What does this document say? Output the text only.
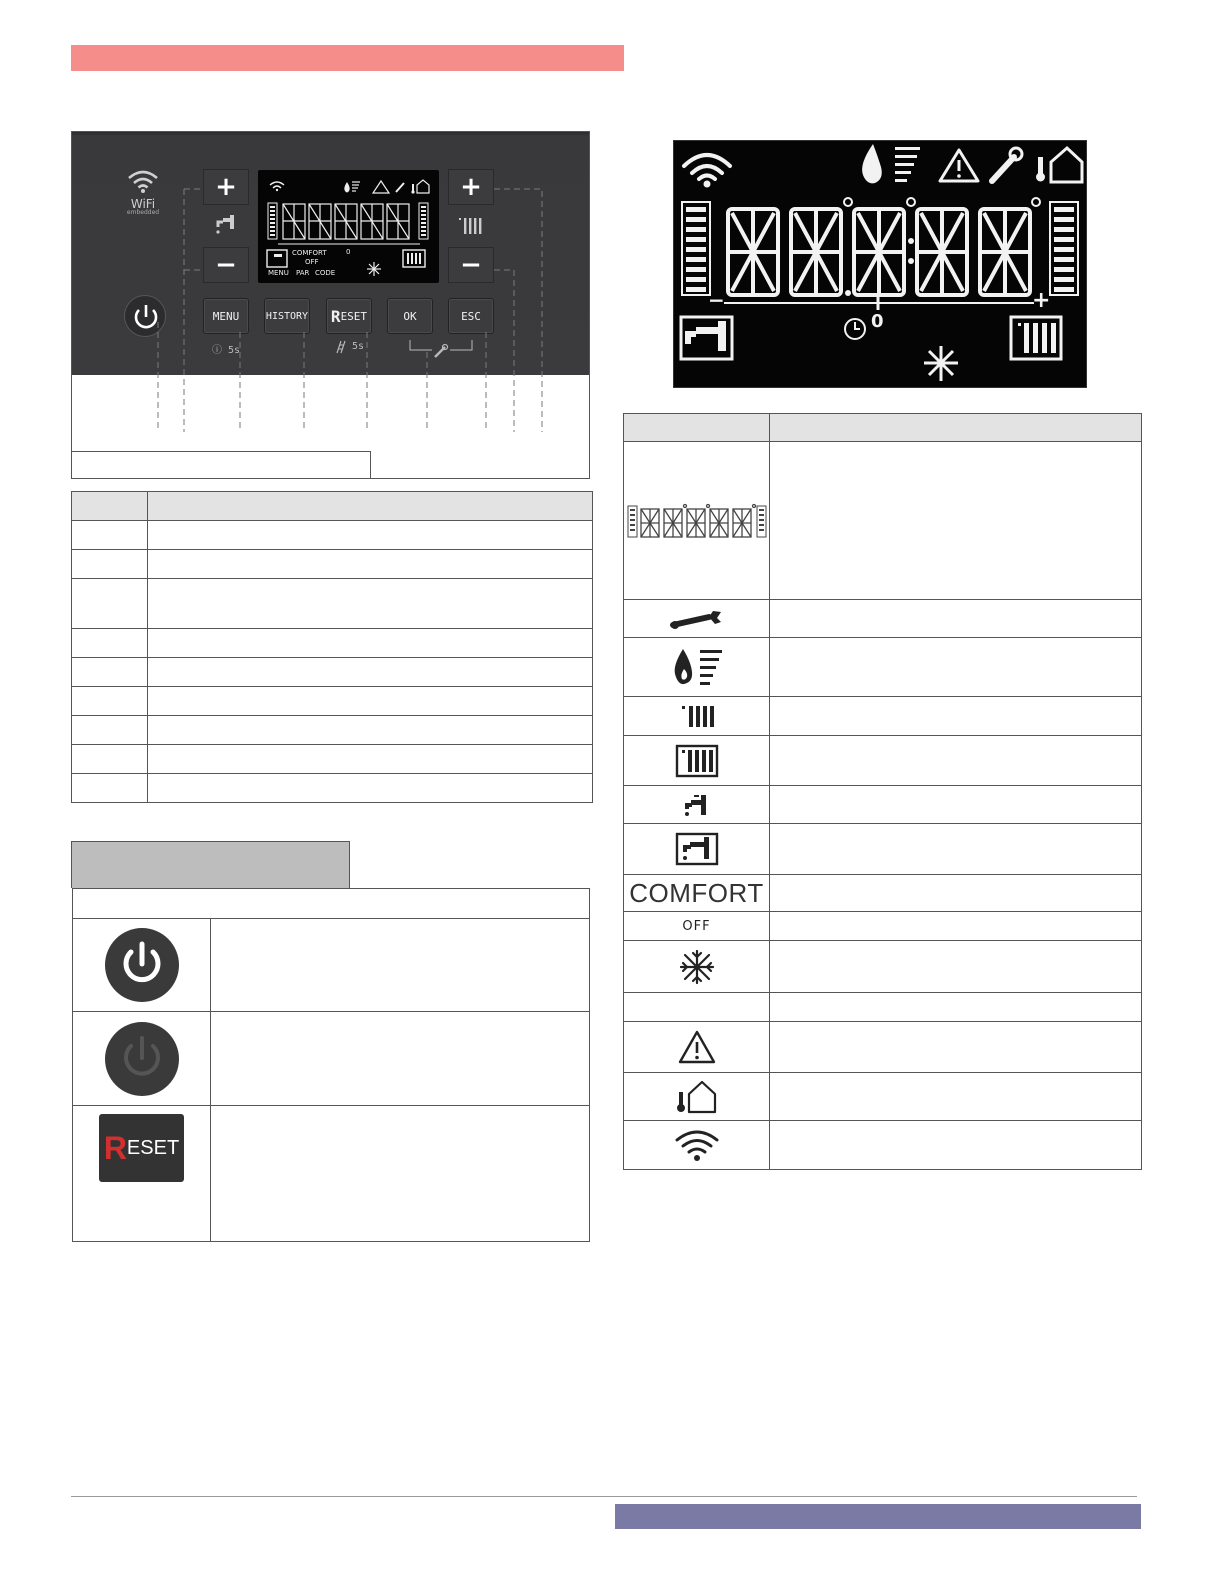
WiFi
embedded
+
−
+
−
COMFORT
OFF
0
MENU PAR CODE
MENU	HISTORY R ESET	OK	ESC
ⓘ 5s	5s

R ESET	

−	+
0

COMFORT	

OFF	
